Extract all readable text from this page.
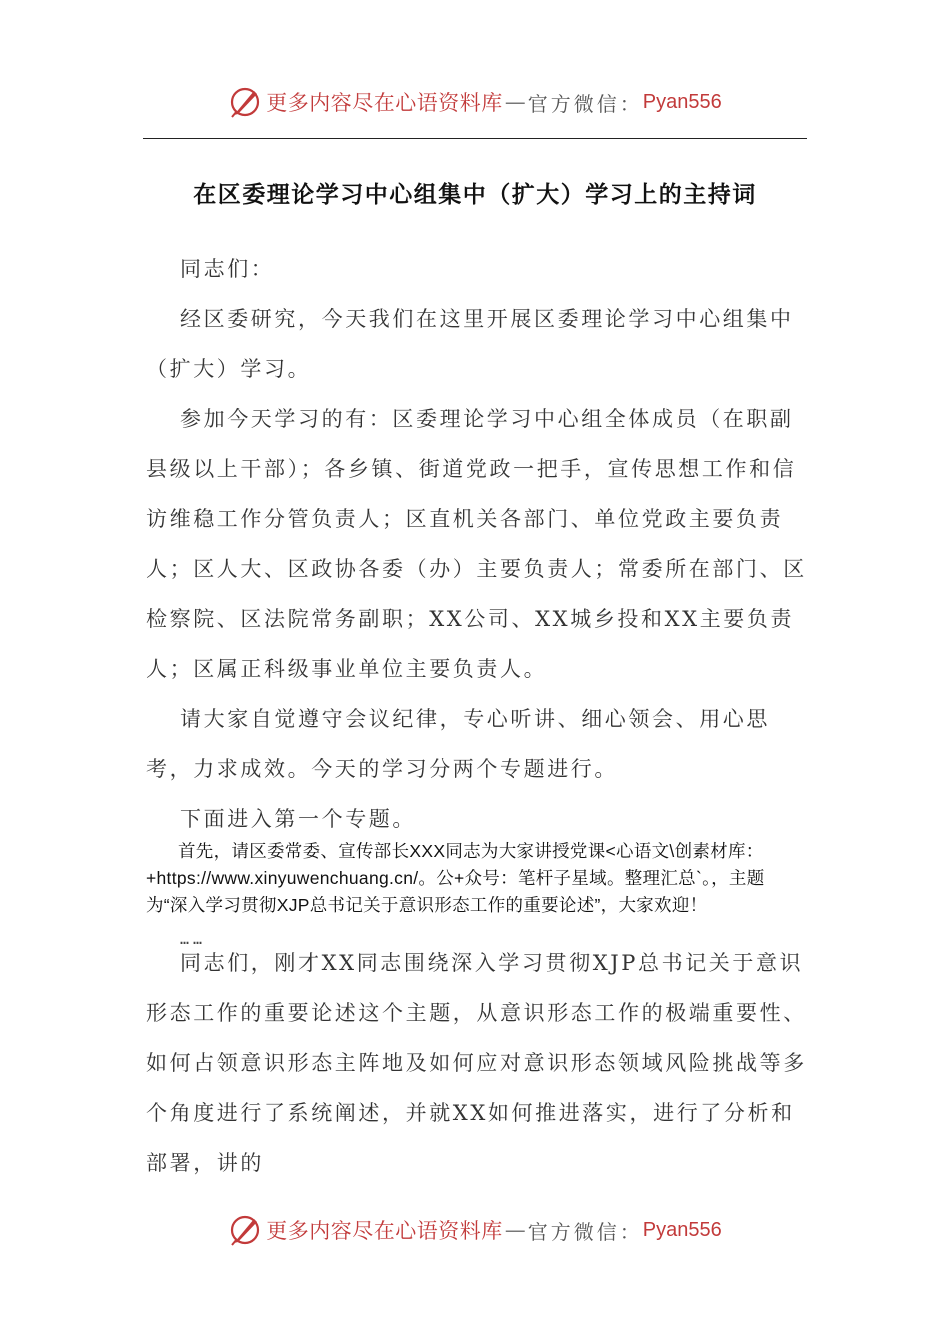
更多内容尽在心语资料库 — 官方微信： Pyan556
在区委理论学习中心组集中（扩大）学习上的主持词

同志们：

经区委研究，今天我们在这里开展区委理论学习中心组集中（扩大）学习。

参加今天学习的有：区委理论学习中心组全体成员（在职副县级以上干部）；各乡镇、街道党政一把手，宣传思想工作和信访维稳工作分管负责人；区直机关各部门、单位党政主要负责人；区人大、区政协各委（办）主要负责人；常委所在部门、区检察院、区法院常务副职；XX公司、XX城乡投和XX主要负责人；区属正科级事业单位主要负责人。

请大家自觉遵守会议纪律，专心听讲、细心领会、用心思考，力求成效。今天的学习分两个专题进行。

下面进入第一个专题。

首先，请区委常委、宣传部长XXX同志为大家讲授党课<心语文\创素材库：+https://www.xinyuwenchuang.cn/。公+众号：笔杆子星域。整理汇总`。，主题为“深入学习贯彻XJP总书记关于意识形态工作的重要论述”，大家欢迎！

……

同志们，刚才XX同志围绕深入学习贯彻XJP总书记关于意识形态工作的重要论述这个主题，从意识形态工作的极端重要性、如何占领意识形态主阵地及如何应对意识形态领域风险挑战等多个角度进行了系统阐述，并就XX如何推进落实，进行了分析和部署，讲的

更多内容尽在心语资料库 — 官方微信： Pyan556
